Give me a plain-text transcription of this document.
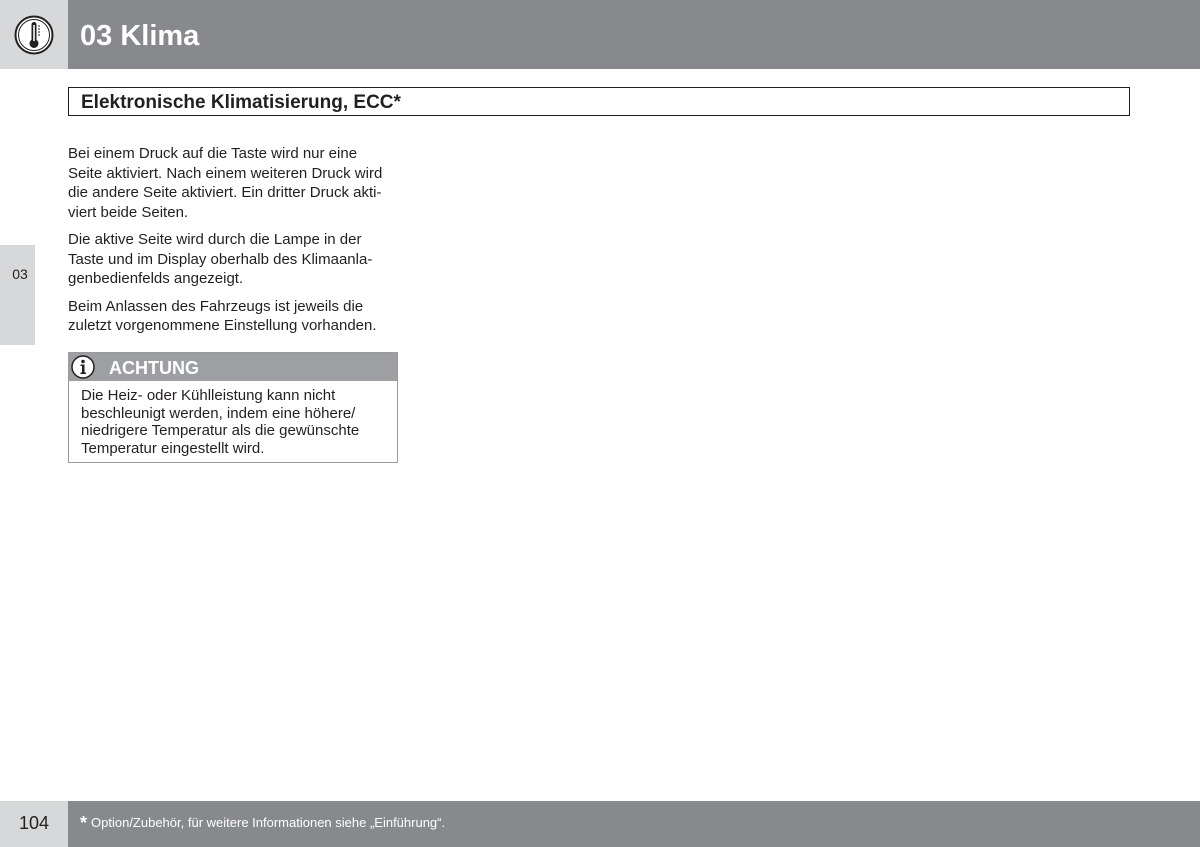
03 Klima
03
Elektronische Klimatisierung, ECC*

Bei einem Druck auf die Taste wird nur eine
Seite aktiviert. Nach einem weiteren Druck wird
die andere Seite aktiviert. Ein dritter Druck akti-
viert beide Seiten.

Die aktive Seite wird durch die Lampe in der
Taste und im Display oberhalb des Klimaanla-
genbedienfelds angezeigt.

Beim Anlassen des Fahrzeugs ist jeweils die
zuletzt vorgenommene Einstellung vorhanden.

ACHTUNG
Die Heiz- oder Kühlleistung kann nicht
beschleunigt werden, indem eine höhere/
niedrigere Temperatur als die gewünschte
Temperatur eingestellt wird.
104	* Option/Zubehör, für weitere Informationen siehe „Einführung“.
